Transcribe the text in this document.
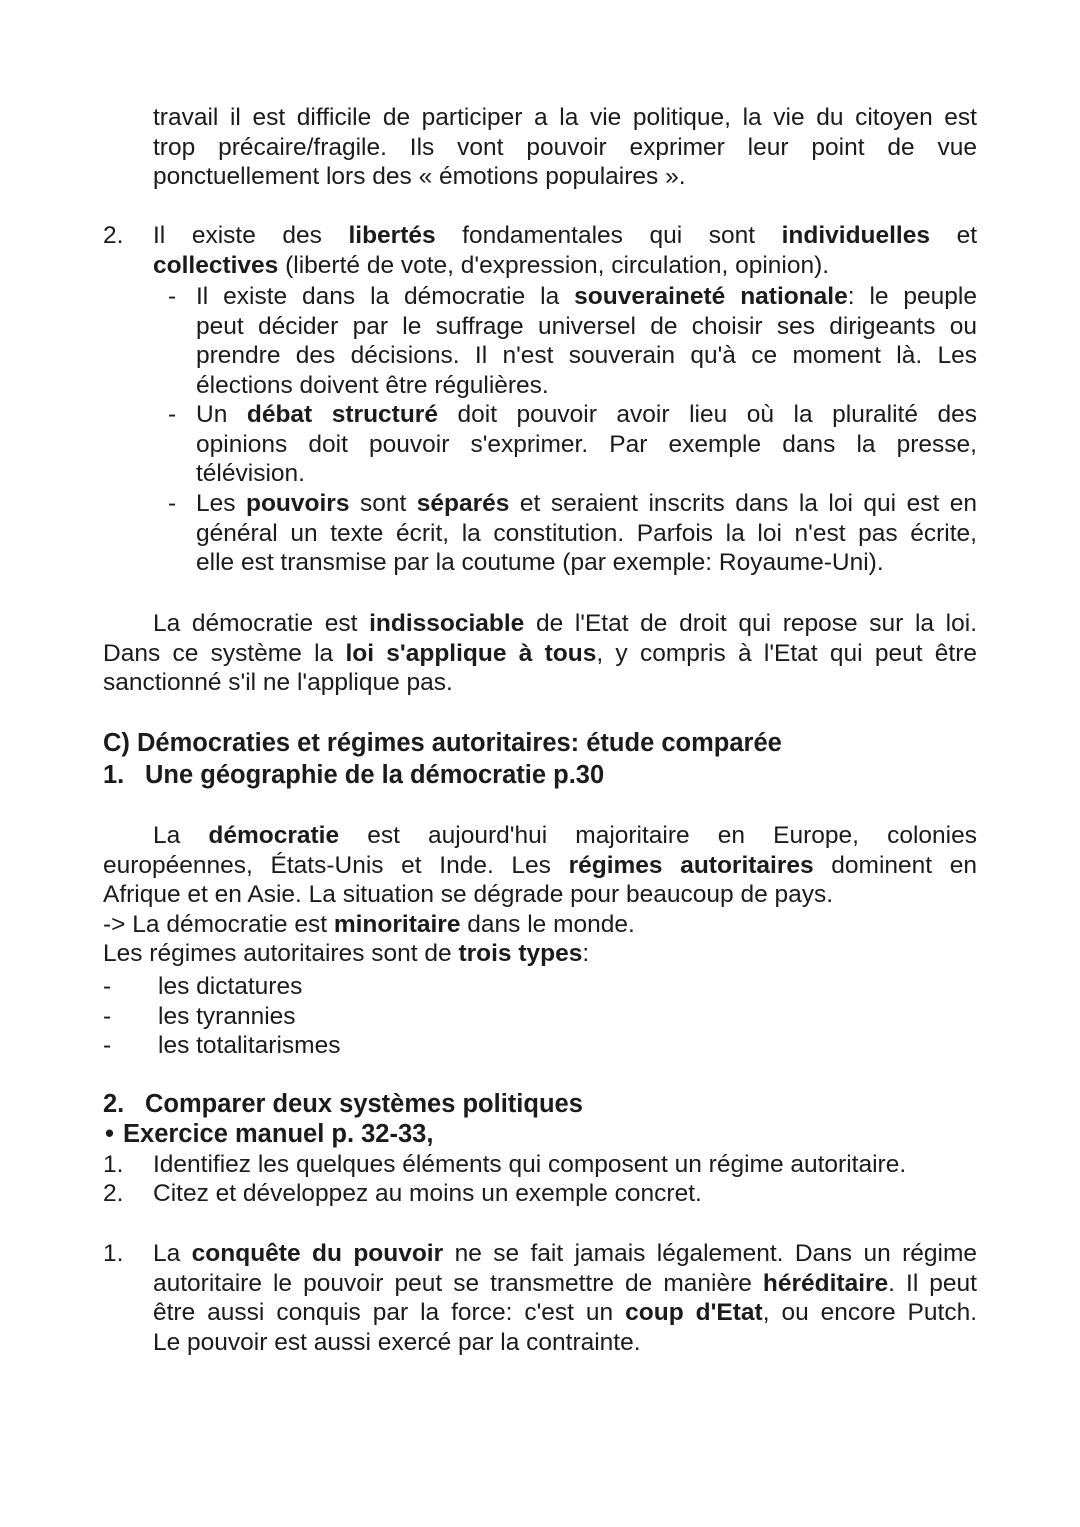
travail il est difficile de participer a la vie politique, la vie du citoyen est
trop précaire/fragile. Ils vont pouvoir exprimer leur point de vue
ponctuellement lors des « émotions populaires ».
2. Il existe des libertés fondamentales qui sont individuelles et
collectives (liberté de vote, d'expression, circulation, opinion).
- Il existe dans la démocratie la souveraineté nationale: le peuple
peut décider par le suffrage universel de choisir ses dirigeants ou
prendre des décisions. Il n'est souverain qu'à ce moment là. Les
élections doivent être régulières.
- Un débat structuré doit pouvoir avoir lieu où la pluralité des
opinions doit pouvoir s'exprimer. Par exemple dans la presse,
télévision.
- Les pouvoirs sont séparés et seraient inscrits dans la loi qui est en
général un texte écrit, la constitution. Parfois la loi n'est pas écrite,
elle est transmise par la coutume (par exemple: Royaume-Uni).
La démocratie est indissociable de l'Etat de droit qui repose sur la loi.
Dans ce système la loi s'applique à tous, y compris à l'Etat qui peut être
sanctionné s'il ne l'applique pas.
C) Démocraties et régimes autoritaires: étude comparée
1. Une géographie de la démocratie p.30
La démocratie est aujourd'hui majoritaire en Europe, colonies
européennes, États-Unis et Inde. Les régimes autoritaires dominent en
Afrique et en Asie. La situation se dégrade pour beaucoup de pays.
-> La démocratie est minoritaire dans le monde.
Les régimes autoritaires sont de trois types:
- les dictatures
- les tyrannies
- les totalitarismes
2. Comparer deux systèmes politiques
• Exercice manuel p. 32-33,
1. Identifiez les quelques éléments qui composent un régime autoritaire.
2. Citez et développez au moins un exemple concret.
1. La conquête du pouvoir ne se fait jamais légalement. Dans un régime
autoritaire le pouvoir peut se transmettre de manière héréditaire. Il peut
être aussi conquis par la force: c'est un coup d'Etat, ou encore Putch.
Le pouvoir est aussi exercé par la contrainte.
